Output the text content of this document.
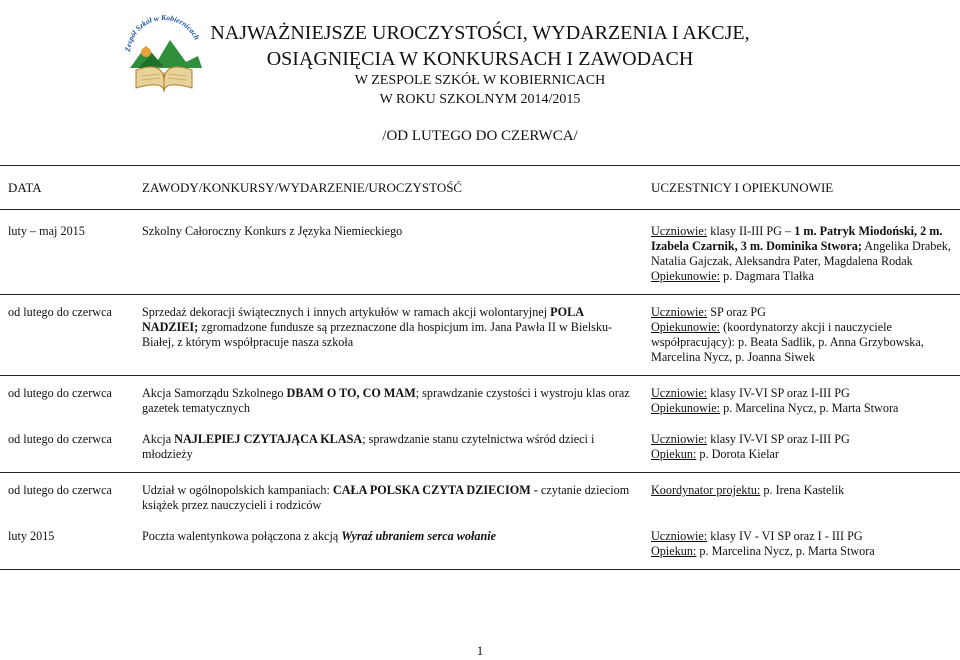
Zespół Szkół w Kobiernicach NAJWAŻNIEJSZE UROCZYSTOŚCI, WYDARZENIA I AKCJE,
OSIĄGNIĘCIA W KONKURSACH I ZAWODACH
W ZESPOLE SZKÓŁ W KOBIERNICACH
W ROKU SZKOLNYM 2014/2015
/OD LUTEGO DO CZERWCA/
DATA	ZAWODY/KONKURSY/WYDARZENIE/UROCZYSTOŚĆ	UCZESTNICY I OPIEKUNOWIE
luty – maj 2015	Szkolny Całoroczny Konkurs z Języka Niemieckiego	Uczniowie: klasy II-III PG – 1 m. Patryk Miodoński, 2 m. Izabela Czarnik, 3 m. Dominika Stwora; Angelika Drabek, Natalia Gajczak, Aleksandra Pater, Magdalena Rodak
Opiekunowie: p. Dagmara Tlałka
od lutego do czerwca	Sprzedaż dekoracji świątecznych i innych artykułów w ramach akcji wolontaryjnej POLA NADZIEI; zgromadzone fundusze są przeznaczone dla hospicjum im. Jana Pawła II w Bielsku-Białej, z którym współpracuje nasza szkoła	Uczniowie: SP oraz PG
Opiekunowie: (koordynatorzy akcji i nauczyciele współpracujący): p. Beata Sadlik, p. Anna Grzybowska, Marcelina Nycz, p. Joanna Siwek
od lutego do czerwca	Akcja Samorządu Szkolnego DBAM O TO, CO MAM; sprawdzanie czystości i wystroju klas oraz gazetek tematycznych	Uczniowie: klasy IV-VI SP oraz I-III PG
Opiekunowie: p. Marcelina Nycz, p. Marta Stwora
od lutego do czerwca	Akcja NAJLEPIEJ CZYTAJĄCA KLASA; sprawdzanie stanu czytelnictwa wśród dzieci i młodzieży	Uczniowie: klasy IV-VI SP oraz I-III PG
Opiekun: p. Dorota Kielar
od lutego do czerwca	Udział w ogólnopolskich kampaniach: CAŁA POLSKA CZYTA DZIECIOM - czytanie dzieciom książek przez nauczycieli i rodziców	Koordynator projektu: p. Irena Kastelik
luty 2015	Poczta walentynkowa połączona z akcją Wyraź ubraniem serca wołanie	Uczniowie: klasy IV - VI SP oraz I - III PG
Opiekun: p. Marcelina Nycz, p. Marta Stwora
1
